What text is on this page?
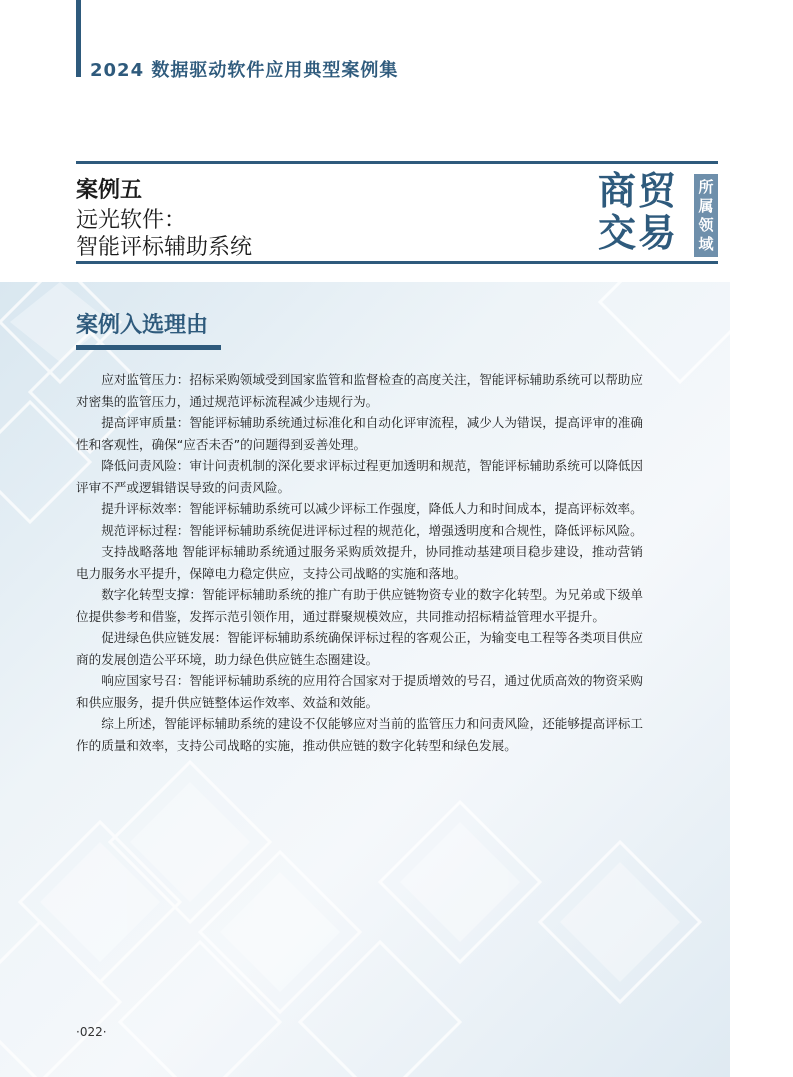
2024 数据驱动软件应用典型案例集
案例五
远光软件：
智能评标辅助系统
商贸
交易
所
属
领
域
案例入选理由

应对监管压力：招标采购领域受到国家监管和监督检查的高度关注，智能评标辅助系统可以帮助应对密集的监管压力，通过规范评标流程减少违规行为。

提高评审质量：智能评标辅助系统通过标准化和自动化评审流程，减少人为错误，提高评审的准确性和客观性，确保“应否未否”的问题得到妥善处理。

降低问责风险：审计问责机制的深化要求评标过程更加透明和规范，智能评标辅助系统可以降低因评审不严或逻辑错误导致的问责风险。

提升评标效率：智能评标辅助系统可以减少评标工作强度，降低人力和时间成本，提高评标效率。

规范评标过程：智能评标辅助系统促进评标过程的规范化，增强透明度和合规性，降低评标风险。

支持战略落地 智能评标辅助系统通过服务采购质效提升，协同推动基建项目稳步建设，推动营销电力服务水平提升，保障电力稳定供应，支持公司战略的实施和落地。

数字化转型支撑：智能评标辅助系统的推广有助于供应链物资专业的数字化转型。为兄弟或下级单位提供参考和借鉴，发挥示范引领作用，通过群聚规模效应，共同推动招标精益管理水平提升。

促进绿色供应链发展：智能评标辅助系统确保评标过程的客观公正，为输变电工程等各类项目供应商的发展创造公平环境，助力绿色供应链生态圈建设。

响应国家号召：智能评标辅助系统的应用符合国家对于提质增效的号召，通过优质高效的物资采购和供应服务，提升供应链整体运作效率、效益和效能。

综上所述，智能评标辅助系统的建设不仅能够应对当前的监管压力和问责风险，还能够提高评标工作的质量和效率，支持公司战略的实施，推动供应链的数字化转型和绿色发展。

·022·
